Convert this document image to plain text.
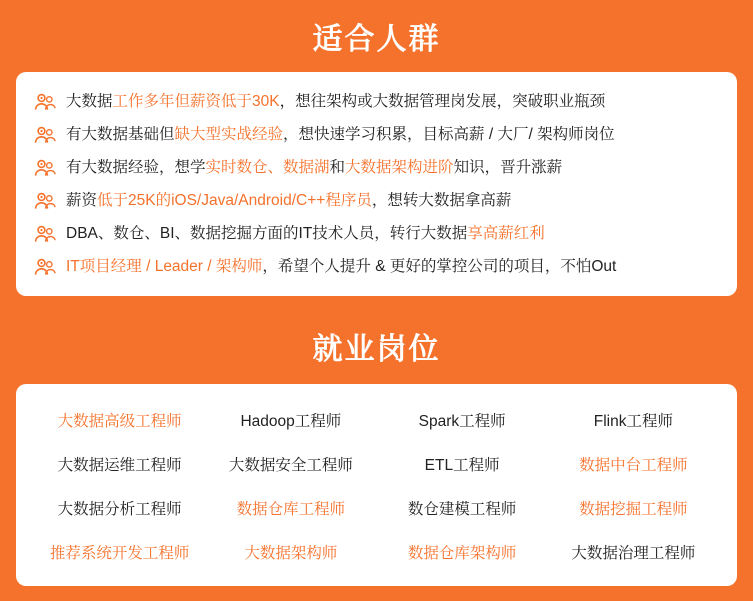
适合人群
大数据工作多年但薪资低于30K，想往架构或大数据管理岗发展，突破职业瓶颈
有大数据基础但缺大型实战经验，想快速学习积累，目标高薪 / 大厂/ 架构师岗位
有大数据经验，想学实时数仓、数据湖和大数据架构进阶知识，晋升涨薪
薪资低于25K的iOS/Java/Android/C++程序员，想转大数据拿高薪
DBA、数仓、BI、数据挖掘方面的IT技术人员，转行大数据享高薪红利
IT项目经理 / Leader / 架构师，希望个人提升 & 更好的掌控公司的项目，不怕Out
就业岗位
大数据高级工程师	Hadoop工程师	Spark工程师	Flink工程师
大数据运维工程师	大数据安全工程师	ETL工程师	数据中台工程师
大数据分析工程师	数据仓库工程师	数仓建模工程师	数据挖掘工程师
推荐系统开发工程师	大数据架构师	数据仓库架构师	大数据治理工程师
